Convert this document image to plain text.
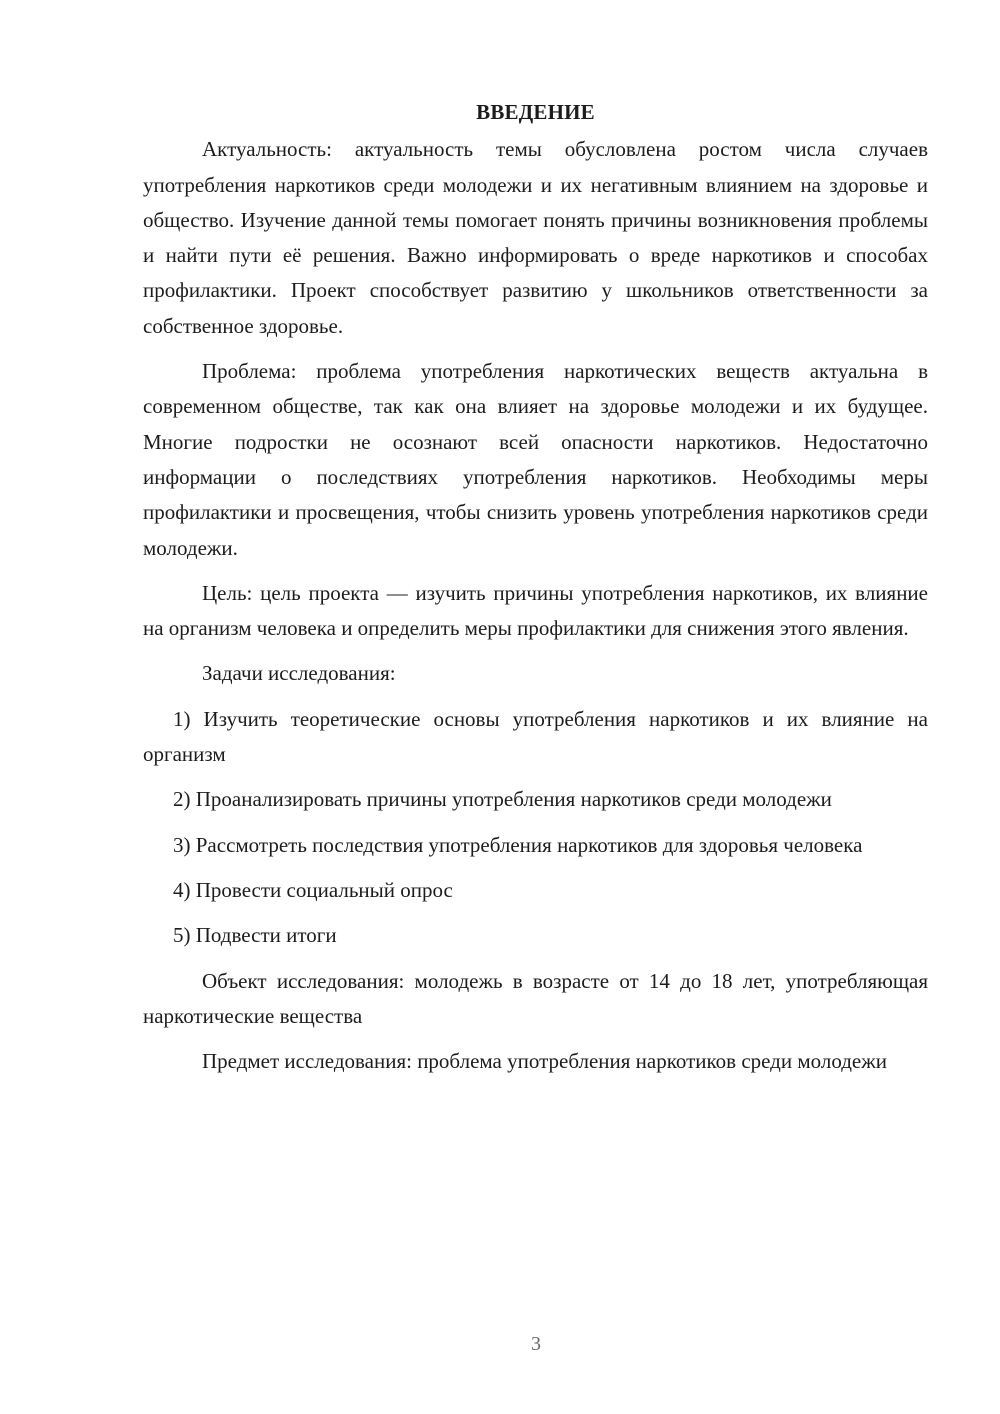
ВВЕДЕНИЕ

Актуальность: актуальность темы обусловлена ростом числа случаев употребления наркотиков среди молодежи и их негативным влиянием на здоровье и общество. Изучение данной темы помогает понять причины возникновения проблемы и найти пути её решения. Важно информировать о вреде наркотиков и способах профилактики. Проект способствует развитию у школьников ответственности за собственное здоровье.

Проблема: проблема употребления наркотических веществ актуальна в современном обществе, так как она влияет на здоровье молодежи и их будущее. Многие подростки не осознают всей опасности наркотиков. Недостаточно информации о последствиях употребления наркотиков. Необходимы меры профилактики и просвещения, чтобы снизить уровень употребления наркотиков среди молодежи.

Цель: цель проекта — изучить причины употребления наркотиков, их влияние на организм человека и определить меры профилактики для снижения этого явления.

Задачи исследования:

1) Изучить теоретические основы употребления наркотиков и их влияние на организм

2) Проанализировать причины употребления наркотиков среди молодежи

3) Рассмотреть последствия употребления наркотиков для здоровья человека

4) Провести социальный опрос

5) Подвести итоги

Объект исследования: молодежь в возрасте от 14 до 18 лет, употребляющая наркотические вещества

Предмет исследования: проблема употребления наркотиков среди молодежи

3
